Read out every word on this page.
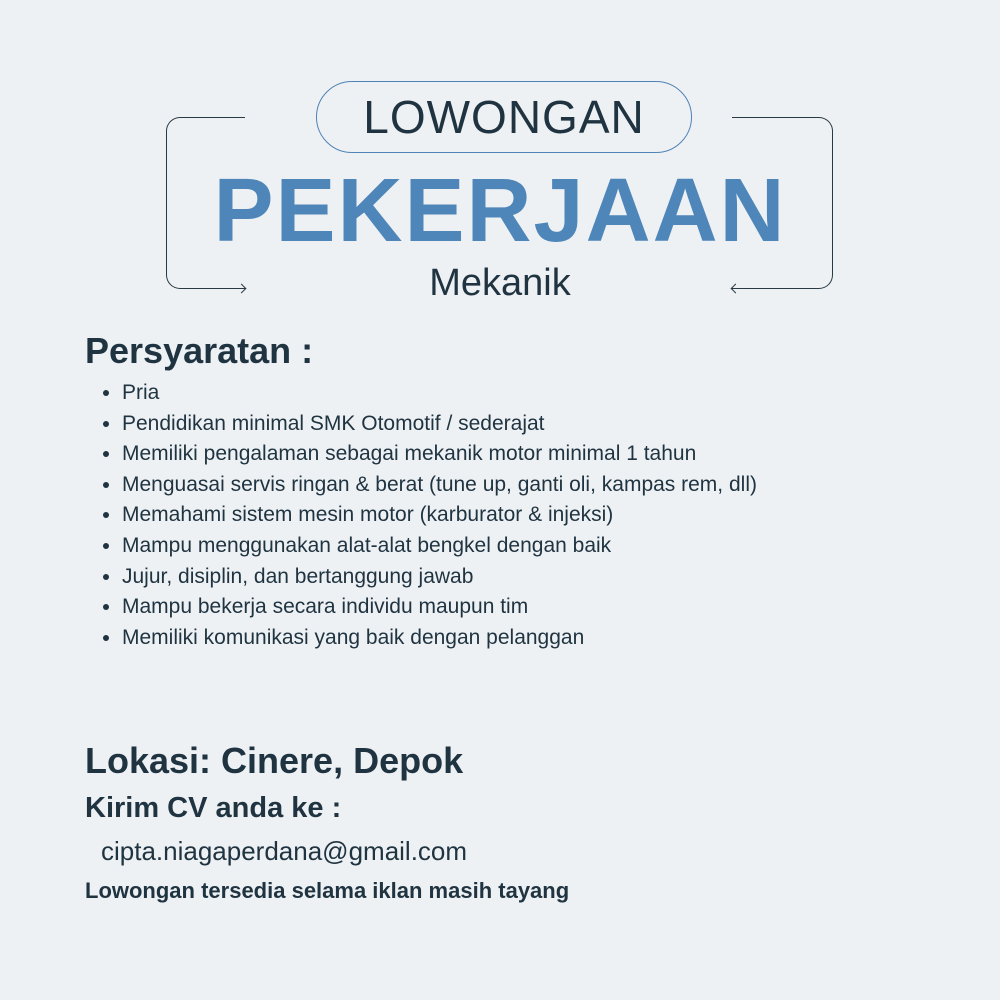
LOWONGAN
PEKERJAAN
Mekanik
Persyaratan :
• Pria
• Pendidikan minimal SMK Otomotif / sederajat
• Memiliki pengalaman sebagai mekanik motor minimal 1 tahun
• Menguasai servis ringan & berat (tune up, ganti oli, kampas rem, dll)
• Memahami sistem mesin motor (karburator & injeksi)
• Mampu menggunakan alat-alat bengkel dengan baik
• Jujur, disiplin, dan bertanggung jawab
• Mampu bekerja secara individu maupun tim
• Memiliki komunikasi yang baik dengan pelanggan
Lokasi: Cinere, Depok
Kirim CV anda ke :
cipta.niagaperdana@gmail.com
Lowongan tersedia selama iklan masih tayang
